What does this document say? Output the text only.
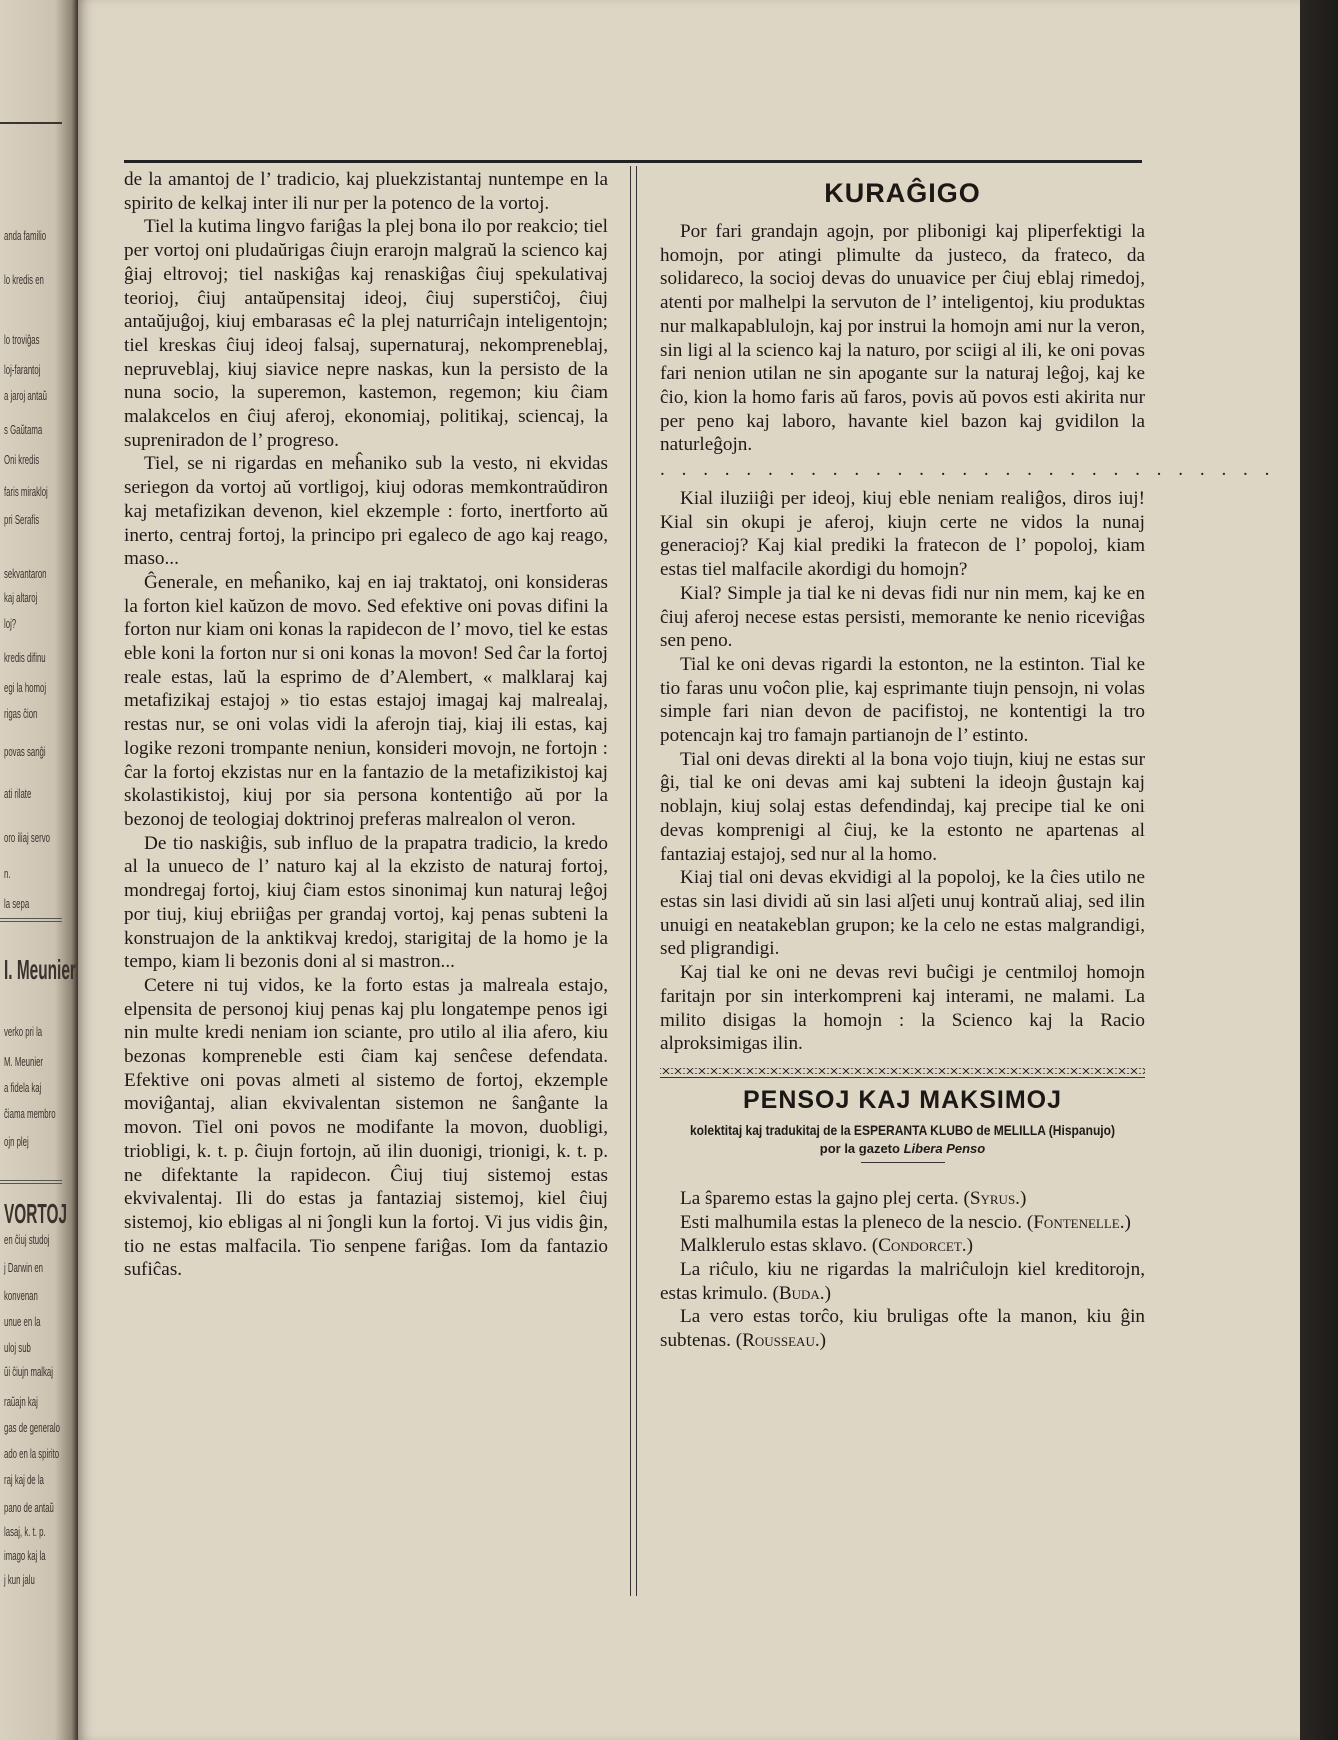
anda familio
lo kredis en
lo troviĝas
loj-farantoj
a jaroj antaŭ
s Gaŭtama
Oni kredis
faris mirakloj
pri Serafis
sekvantaron
kaj altaroj
loj?
kredis difinu
egi la homoj
rigas ĉion
povas sanĝi
ati rilate
oro iliaj servo
n.
la sepa
I. Meunier
verko pri la
M. Meunier
a fidela kaj
ĉiama membro
ojn plej
VORTOJ
en ĉiuj studoj
j Darwin en
konvenan
unue en la
uloj sub
ŭi ĉiujn malkaj
raŭajn kaj
gas de generalo
ado en la spirito
raj kaj de la
pano de antaŭ
lasaj, k. t. p.
imago kaj la
j kun jalu

de la amantoj de l’ tradicio, kaj pluekzistantaj nuntempe en la spirito de kelkaj inter ili nur per la potenco de la vortoj.

Tiel la kutima lingvo fariĝas la plej bona ilo por reakcio; tiel per vortoj oni pludaŭrigas ĉiujn erarojn malgraŭ la scienco kaj ĝiaj eltrovoj; tiel naskiĝas kaj renaskiĝas ĉiuj spekulativaj teorioj, ĉiuj antaŭpensitaj ideoj, ĉiuj superstiĉoj, ĉiuj antaŭjuĝoj, kiuj embarasas eĉ la plej naturriĉajn inteligentojn; tiel kreskas ĉiuj ideoj falsaj, supernaturaj, nekompreneblaj, nepruveblaj, kiuj siavice nepre naskas, kun la persisto de la nuna socio, la superemon, kastemon, regemon; kiu ĉiam malakcelos en ĉiuj aferoj, ekonomiaj, politikaj, sciencaj, la supreniradon de l’ progreso.

Tiel, se ni rigardas en meĥaniko sub la vesto, ni ekvidas seriegon da vortoj aŭ vortligoj, kiuj odoras memkontraŭdiron kaj metafizikan devenon, kiel ekzemple : forto, inertforto aŭ inerto, centraj fortoj, la principo pri egaleco de ago kaj reago, maso...

Ĝenerale, en meĥaniko, kaj en iaj traktatoj, oni konsideras la forton kiel kaŭzon de movo. Sed efektive oni povas difini la forton nur kiam oni konas la rapidecon de l’ movo, tiel ke estas eble koni la forton nur si oni konas la movon! Sed ĉar la fortoj reale estas, laŭ la esprimo de d’Alembert, « malklaraj kaj metafizikaj estajoj » tio estas estajoj imagaj kaj malrealaj, restas nur, se oni volas vidi la aferojn tiaj, kiaj ili estas, kaj logike rezoni trompante neniun, konsideri movojn, ne fortojn : ĉar la fortoj ekzistas nur en la fantazio de la metafizikistoj kaj skolastikistoj, kiuj por sia persona kontentiĝo aŭ por la bezonoj de teologiaj doktrinoj preferas malrealon ol veron.

De tio naskiĝis, sub influo de la prapatra tradicio, la kredo al la unueco de l’ naturo kaj al la ekzisto de naturaj fortoj, mondregaj fortoj, kiuj ĉiam estos sinonimaj kun naturaj leĝoj por tiuj, kiuj ebriiĝas per grandaj vortoj, kaj penas subteni la konstruajon de la anktikvaj kredoj, starigitaj de la homo je la tempo, kiam li bezonis doni al si mastron...

Cetere ni tuj vidos, ke la forto estas ja malreala estajo, elpensita de personoj kiuj penas kaj plu longatempe penos igi nin multe kredi neniam ion sciante, pro utilo al ilia afero, kiu bezonas kompreneble esti ĉiam kaj senĉese defendata. Efektive oni povas almeti al sistemo de fortoj, ekzemple moviĝantaj, alian ekvivalentan sistemon ne ŝanĝante la movon. Tiel oni povos ne modifante la movon, duobligi, triobligi, k. t. p. ĉiujn fortojn, aŭ ilin duonigi, trionigi, k. t. p. ne difektante la rapidecon. Ĉiuj tiuj sistemoj estas ekvivalentaj. Ili do estas ja fantaziaj sistemoj, kiel ĉiuj sistemoj, kio ebligas al ni ĵongli kun la fortoj. Vi jus vidis ĝin, tio ne estas malfacila. Tio senpene fariĝas. Iom da fantazio sufiĉas.

KURAĜIGO

Por fari grandajn agojn, por plibonigi kaj pliperfektigi la homojn, por atingi plimulte da justeco, da frateco, da solidareco, la socioj devas do unuavice per ĉiuj eblaj rimedoj, atenti por malhelpi la servuton de l’ inteligentoj, kiu produktas nur malkapablulojn, kaj por instrui la homojn ami nur la veron, sin ligi al la scienco kaj la naturo, por sciigi al ili, ke oni povas fari nenion utilan ne sin apogante sur la naturaj leĝoj, kaj ke ĉio, kion la homo faris aŭ faros, povis aŭ povos esti akirita nur per peno kaj laboro, havante kiel bazon kaj gvidilon la naturleĝojn.

. . . . . . . . . . . . . . . . . . . . . . . . . . . . .

Kial iluziiĝi per ideoj, kiuj eble neniam realiĝos, diros iuj! Kial sin okupi je aferoj, kiujn certe ne vidos la nunaj generacioj? Kaj kial prediki la fratecon de l’ popoloj, kiam estas tiel malfacile akordigi du homojn?

Kial? Simple ja tial ke ni devas fidi nur nin mem, kaj ke en ĉiuj aferoj necese estas persisti, memorante ke nenio riceviĝas sen peno.

Tial ke oni devas rigardi la estonton, ne la estinton. Tial ke tio faras unu voĉon plie, kaj esprimante tiujn pensojn, ni volas simple fari nian devon de pacifistoj, ne kontentigi la tro potencajn kaj tro famajn partianojn de l’ estinto.

Tial oni devas direkti al la bona vojo tiujn, kiuj ne estas sur ĝi, tial ke oni devas ami kaj subteni la ideojn ĝustajn kaj noblajn, kiuj solaj estas defendindaj, kaj precipe tial ke oni devas komprenigi al ĉiuj, ke la estonto ne apartenas al fantaziaj estajoj, sed nur al la homo.

Kiaj tial oni devas ekvidigi al la popoloj, ke la ĉies utilo ne estas sin lasi dividi aŭ sin lasi alĵeti unuj kontraŭ aliaj, sed ilin unuigi en neatakeblan grupon; ke la celo ne estas malgrandigi, sed pligrandigi.

Kaj tial ke oni ne devas revi buĉigi je centmiloj homojn faritajn por sin interkompreni kaj interami, ne malami. La milito disigas la homojn : la Scienco kaj la Racio alproksimigas ilin.

PENSOJ KAJ MAKSIMOJ
kolektitaj kaj tradukitaj de la ESPERANTA KLUBO de MELILLA (Hispanujo)
por la gazeto Libera Penso

La ŝparemo estas la gajno plej certa. (Syrus.)

Esti malhumila estas la pleneco de la nescio. (Fontenelle.)

Malklerulo estas sklavo. (Condorcet.)

La riĉulo, kiu ne rigardas la malriĉulojn kiel kreditorojn, estas krimulo. (Buda.)

La vero estas torĉo, kiu bruligas ofte la manon, kiu ĝin subtenas. (Rousseau.)
